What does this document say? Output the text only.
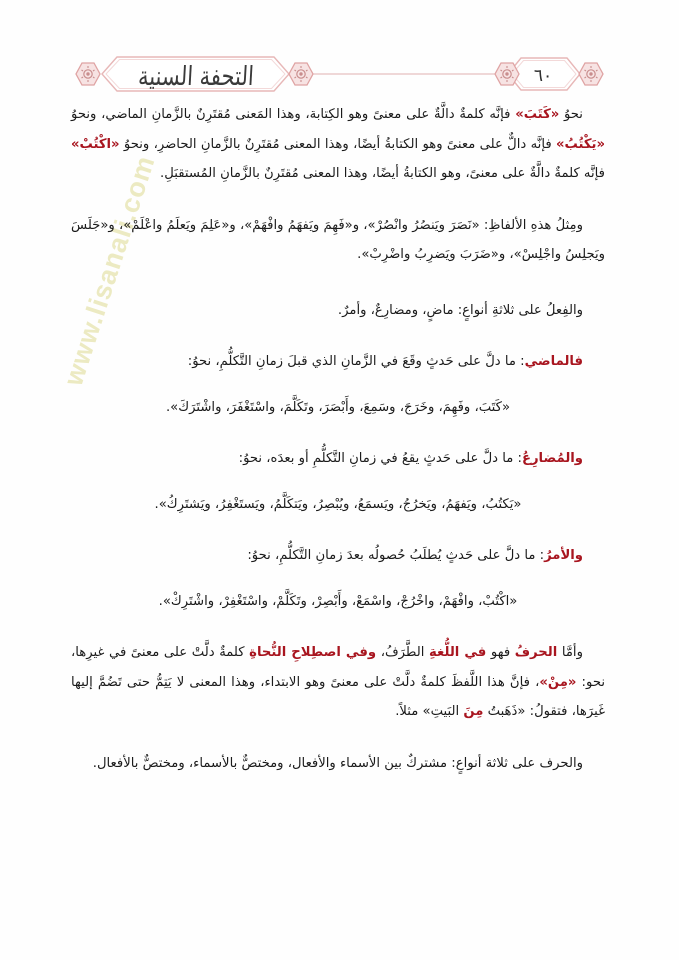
www.lisanali.com
التحفة السنية	٦٠

نحوُ «كَتَبَ» فإنَّه كلمةٌ دالَّةٌ على معنىً وهو الكِتابة، وهذا المَعنى مُقتَرِنٌ بالزَّمانِ الماضي، ونحوُ «يَكْتُبُ» فإنَّه دالٌّ على معنىً وهو الكتابةُ أيضًا، وهذا المعنى مُقتَرِنٌ بالزَّمانِ الحاضرِ، ونحوُ «اكْتُبْ» فإنَّه كلمةٌ دالَّةٌ على معنىً، وهو الكتابةُ أيضًا، وهذا المعنى مُقتَرِنٌ بالزَّمانِ المُستقبَلِ.

ومِثلُ هذهِ الألفاظِ: «نَصَرَ ويَنصُرُ وانْصُرْ»، و«فَهِمَ ويَفهَمُ وافْهَمْ»، و«عَلِمَ ويَعلَمُ واعْلَمْ»، و«جَلَسَ ويَجلِسُ واجْلِسْ»، و«ضَرَبَ ويَضرِبُ واضْرِبْ».

والفِعلُ على ثلاثةِ أنواعٍ: ماضٍ، ومضارِعٌ، وأمرٌ.

فالماضي: ما دلَّ على حَدثٍ وقَعَ في الزَّمانِ الذي قبلَ زمانِ التَّكلُّمِ، نحوُ:

«كَتَبَ، وفَهِمَ، وخَرَجَ، وسَمِعَ، وأَبْصَرَ، وتَكَلَّمَ، واسْتَغْفَرَ، واشْتَرَكَ».

والمُضارِعُ: ما دلَّ على حَدثٍ يقعُ في زمانِ التَّكلُّمِ أو بعدَه، نحوُ:

«يَكتُبُ، ويَفهَمُ، ويَخرُجُ، ويَسمَعُ، ويُبْصِرُ، ويَتكَلَّمُ، ويَستَغْفِرُ، ويَشتَرِكُ».

والأمرُ: ما دلَّ على حَدثٍ يُطلَبُ حُصولُه بعدَ زمانِ التَّكلُّمِ، نحوُ:

«اكْتُبْ، وافْهَمْ، واخْرُجْ، واسْمَعْ، وأَبْصِرْ، وتَكَلَّمْ، واسْتَغْفِرْ، واشْتَرِكْ».

وأمَّا الحرفُ فهو في اللُّغةِ الطَّرَفُ، وفي اصطِلاحِ النُّحاةِ كلمةٌ دلَّتْ على معنىً في غيرِها، نحو: «مِنْ»، فإنَّ هذا اللَّفظَ كلمةٌ دلَّتْ على معنىً وهو الابتداء، وهذا المعنى لا يَتِمُّ حتى تَضُمَّ إليها غَيرَها، فتقولُ: «ذَهَبتُ مِنَ البَيتِ» مثلاً.

والحرف على ثلاثة أنواعٍ: مشتركٌ بين الأسماء والأفعال، ومختصٌّ بالأسماء، ومختصٌّ بالأفعال.
